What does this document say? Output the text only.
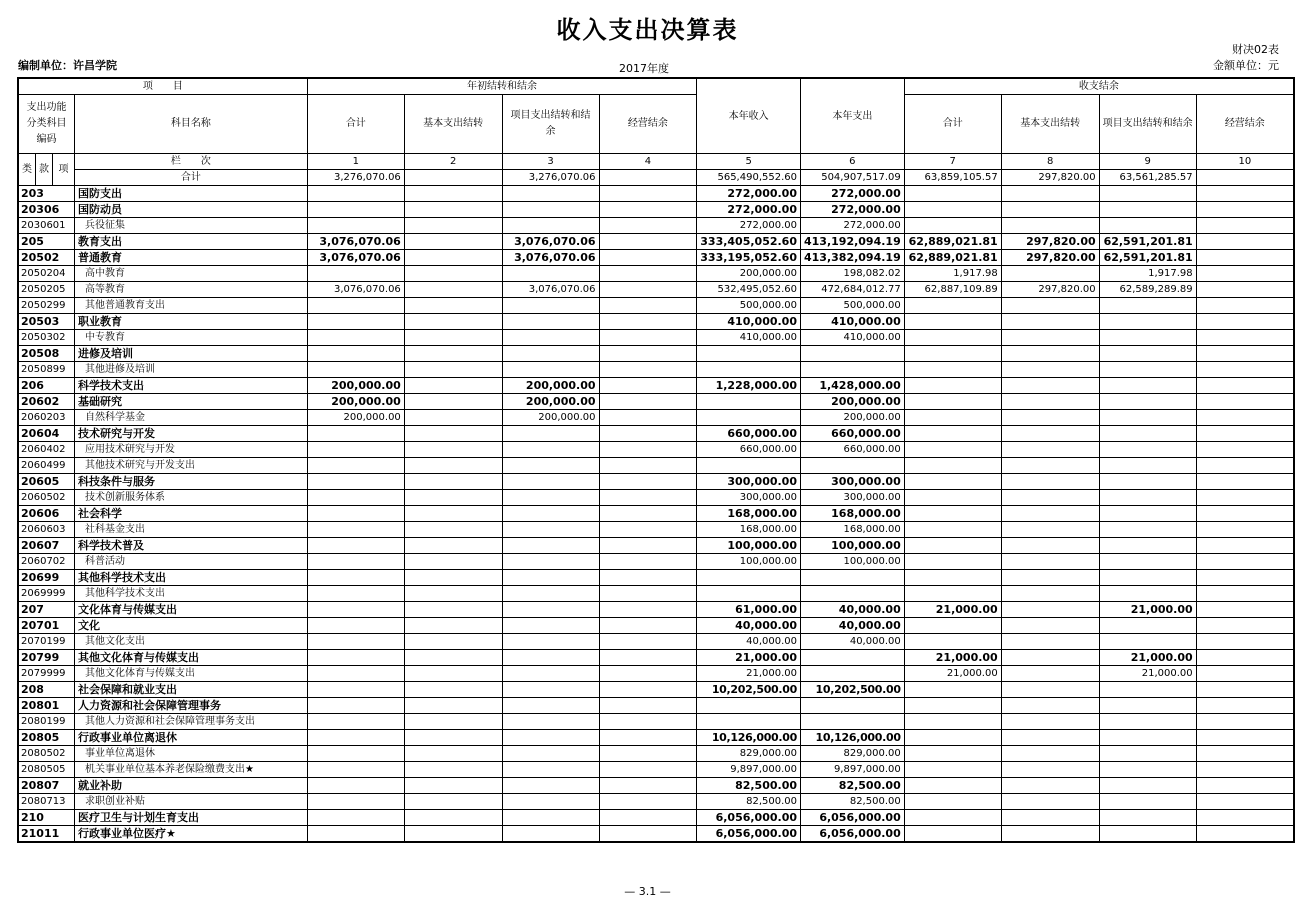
收入支出决算表
编制单位：许昌学院	2017年度
财决02表
金额单位：元
项　　目				年初结转和结余				本年收入	本年支出	收支结余			
支出功能分类科目编码			科目名称	合计	基本支出结转	项目支出结转和结余	经营结余			合计	基本支出结转	项目支出结转和结余	经营结余
类	款	项	栏　　次	1	2	3	4	5	6	7	8	9	10
			合计	3,276,070.06		3,276,070.06		565,490,552.60	504,907,517.09	63,859,105.57	297,820.00	63,561,285.57	
203			国防支出					272,000.00	272,000.00				
20306			国防动员					272,000.00	272,000.00				
2030601			兵役征集					272,000.00	272,000.00				
205			教育支出	3,076,070.06		3,076,070.06		333,405,052.60	413,192,094.19	62,889,021.81	297,820.00	62,591,201.81	
20502			普通教育	3,076,070.06		3,076,070.06		333,195,052.60	413,382,094.19	62,889,021.81	297,820.00	62,591,201.81	
2050204			高中教育					200,000.00	198,082.02	1,917.98		1,917.98	
2050205			高等教育	3,076,070.06		3,076,070.06		532,495,052.60	472,684,012.77	62,887,109.89	297,820.00	62,589,289.89	
2050299			其他普通教育支出					500,000.00	500,000.00				
20503			职业教育					410,000.00	410,000.00				
2050302			中专教育					410,000.00	410,000.00				
20508			进修及培训										
2050899			其他进修及培训										
206			科学技术支出	200,000.00		200,000.00		1,228,000.00	1,428,000.00				
20602			基础研究	200,000.00		200,000.00			200,000.00				
2060203			自然科学基金	200,000.00		200,000.00			200,000.00				
20604			技术研究与开发					660,000.00	660,000.00				
2060402			应用技术研究与开发					660,000.00	660,000.00				
2060499			其他技术研究与开发支出										
20605			科技条件与服务					300,000.00	300,000.00				
2060502			技术创新服务体系					300,000.00	300,000.00				
20606			社会科学					168,000.00	168,000.00				
2060603			社科基金支出					168,000.00	168,000.00				
20607			科学技术普及					100,000.00	100,000.00				
2060702			科普活动					100,000.00	100,000.00				
20699			其他科学技术支出										
2069999			其他科学技术支出										
207			文化体育与传媒支出					61,000.00	40,000.00	21,000.00		21,000.00	
20701			文化					40,000.00	40,000.00				
2070199			其他文化支出					40,000.00	40,000.00				
20799			其他文化体育与传媒支出					21,000.00		21,000.00		21,000.00	
2079999			其他文化体育与传媒支出					21,000.00		21,000.00		21,000.00	
208			社会保障和就业支出					10,202,500.00	10,202,500.00				
20801			人力资源和社会保障管理事务										
2080199			其他人力资源和社会保障管理事务支出										
20805			行政事业单位离退休					10,126,000.00	10,126,000.00				
2080502			事业单位离退休					829,000.00	829,000.00				
2080505			机关事业单位基本养老保险缴费支出★					9,897,000.00	9,897,000.00				
20807			就业补助					82,500.00	82,500.00				
2080713			求职创业补贴					82,500.00	82,500.00				
210			医疗卫生与计划生育支出					6,056,000.00	6,056,000.00				
21011			行政事业单位医疗★					6,056,000.00	6,056,000.00				
— 3.1 —
